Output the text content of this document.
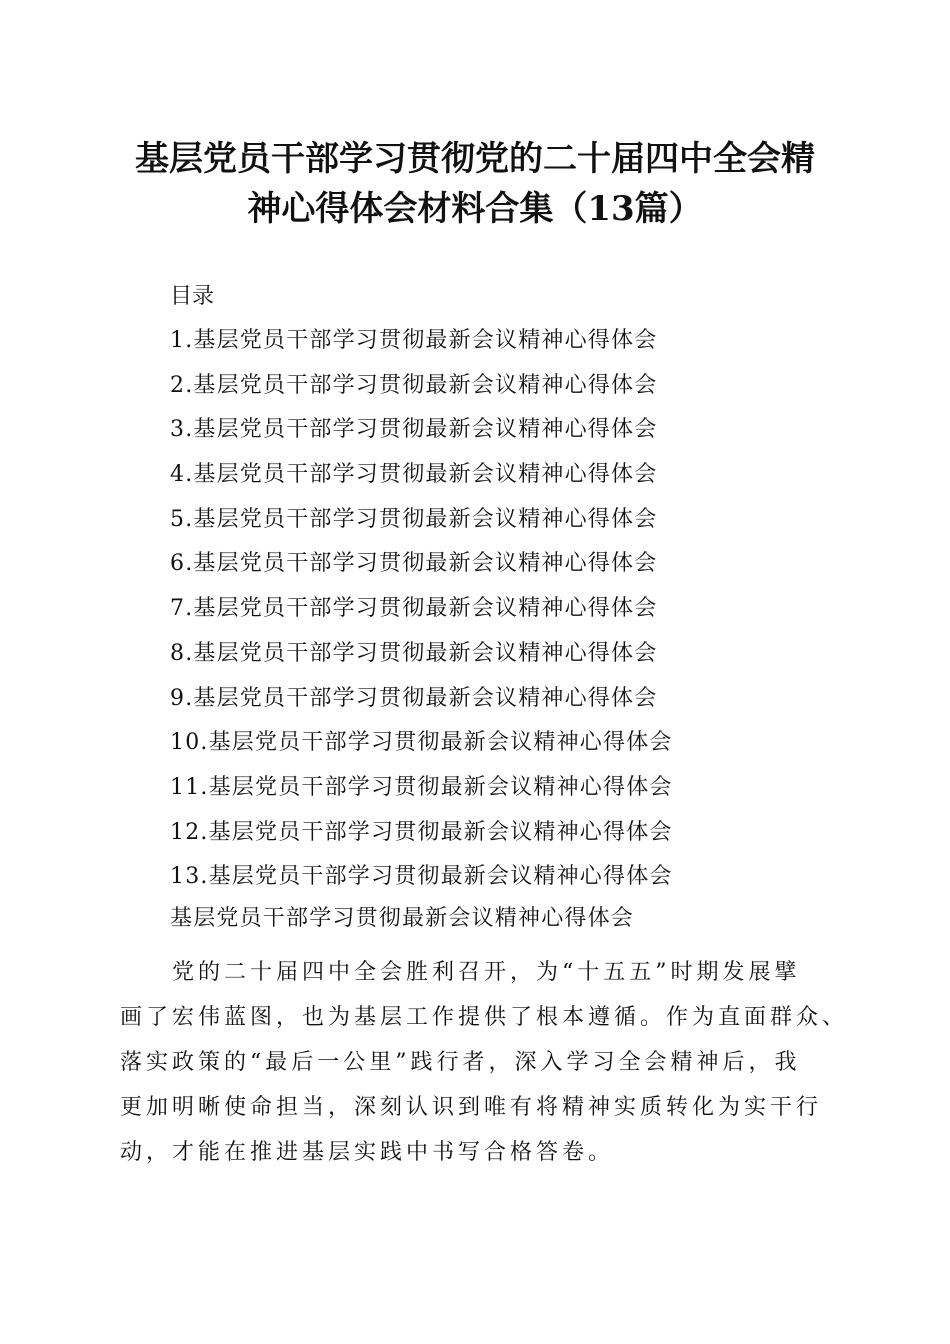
基层党员干部学习贯彻党的二十届四中全会精
神心得体会材料合集（13篇）
目录
1.基层党员干部学习贯彻最新会议精神心得体会
2.基层党员干部学习贯彻最新会议精神心得体会
3.基层党员干部学习贯彻最新会议精神心得体会
4.基层党员干部学习贯彻最新会议精神心得体会
5.基层党员干部学习贯彻最新会议精神心得体会
6.基层党员干部学习贯彻最新会议精神心得体会
7.基层党员干部学习贯彻最新会议精神心得体会
8.基层党员干部学习贯彻最新会议精神心得体会
9.基层党员干部学习贯彻最新会议精神心得体会
10.基层党员干部学习贯彻最新会议精神心得体会
11.基层党员干部学习贯彻最新会议精神心得体会
12.基层党员干部学习贯彻最新会议精神心得体会
13.基层党员干部学习贯彻最新会议精神心得体会
基层党员干部学习贯彻最新会议精神心得体会
　　党的二十届四中全会胜利召开，为“十五五”时期发展擘
画了宏伟蓝图，也为基层工作提供了根本遵循。作为直面群众、
落实政策的“最后一公里”践行者，深入学习全会精神后，我
更加明晰使命担当，深刻认识到唯有将精神实质转化为实干行
动，才能在推进基层实践中书写合格答卷。
